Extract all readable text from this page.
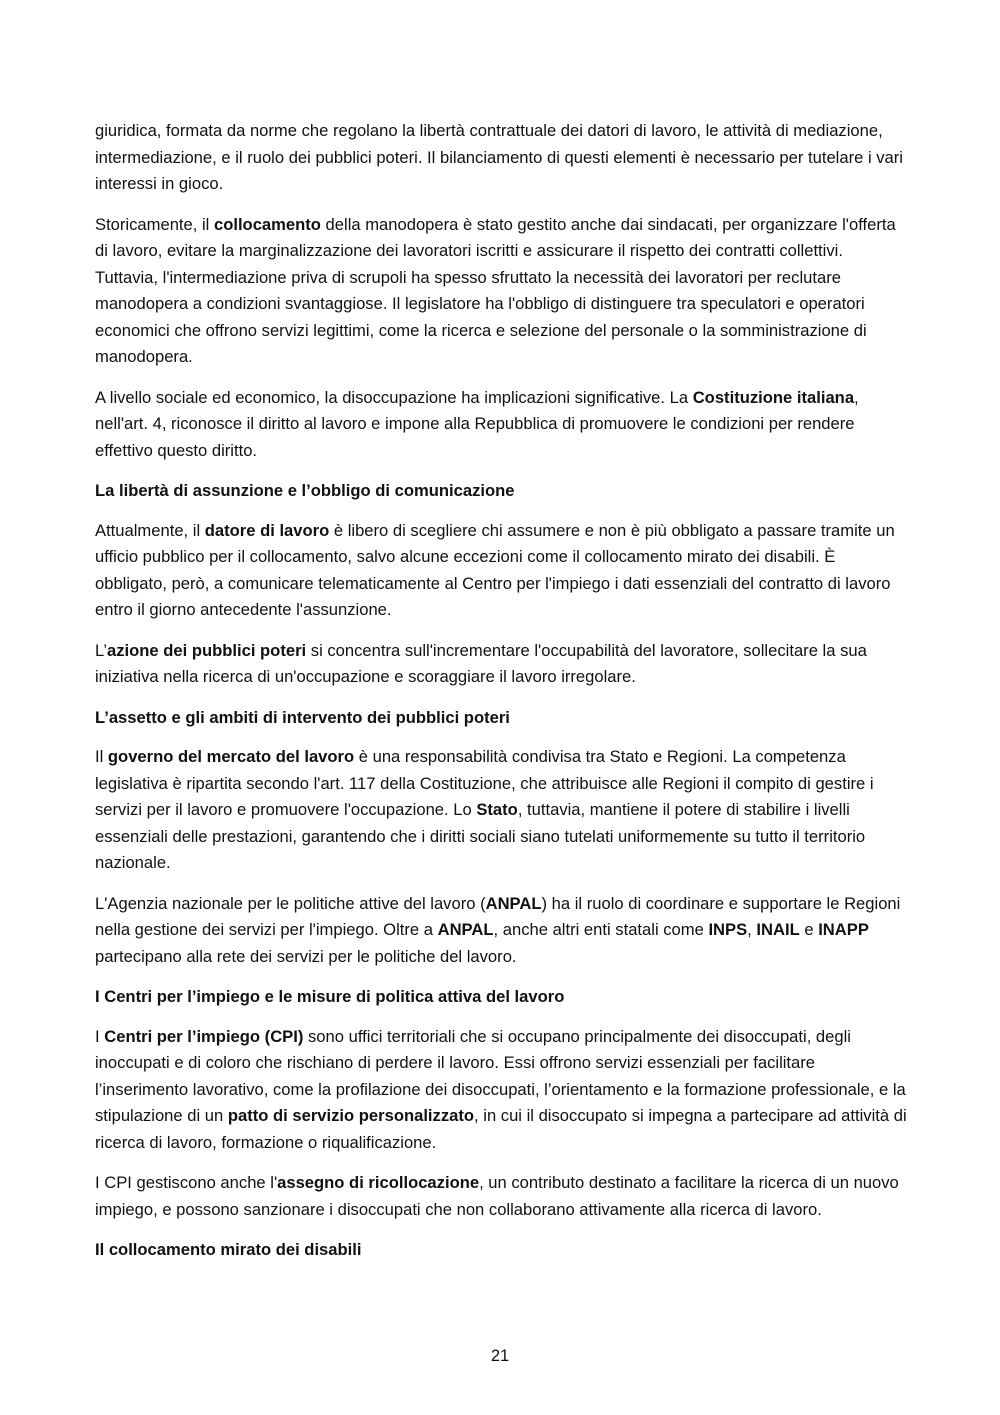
giuridica, formata da norme che regolano la libertà contrattuale dei datori di lavoro, le attività di mediazione, intermediazione, e il ruolo dei pubblici poteri. Il bilanciamento di questi elementi è necessario per tutelare i vari interessi in gioco.

Storicamente, il collocamento della manodopera è stato gestito anche dai sindacati, per organizzare l'offerta di lavoro, evitare la marginalizzazione dei lavoratori iscritti e assicurare il rispetto dei contratti collettivi. Tuttavia, l'intermediazione priva di scrupoli ha spesso sfruttato la necessità dei lavoratori per reclutare manodopera a condizioni svantaggiose. Il legislatore ha l'obbligo di distinguere tra speculatori e operatori economici che offrono servizi legittimi, come la ricerca e selezione del personale o la somministrazione di manodopera.

A livello sociale ed economico, la disoccupazione ha implicazioni significative. La Costituzione italiana, nell'art. 4, riconosce il diritto al lavoro e impone alla Repubblica di promuovere le condizioni per rendere effettivo questo diritto.

La libertà di assunzione e l’obbligo di comunicazione

Attualmente, il datore di lavoro è libero di scegliere chi assumere e non è più obbligato a passare tramite un ufficio pubblico per il collocamento, salvo alcune eccezioni come il collocamento mirato dei disabili. È obbligato, però, a comunicare telematicamente al Centro per l'impiego i dati essenziali del contratto di lavoro entro il giorno antecedente l'assunzione.

L’azione dei pubblici poteri si concentra sull'incrementare l'occupabilità del lavoratore, sollecitare la sua iniziativa nella ricerca di un'occupazione e scoraggiare il lavoro irregolare.

L’assetto e gli ambiti di intervento dei pubblici poteri

Il governo del mercato del lavoro è una responsabilità condivisa tra Stato e Regioni. La competenza legislativa è ripartita secondo l'art. 117 della Costituzione, che attribuisce alle Regioni il compito di gestire i servizi per il lavoro e promuovere l'occupazione. Lo Stato, tuttavia, mantiene il potere di stabilire i livelli essenziali delle prestazioni, garantendo che i diritti sociali siano tutelati uniformemente su tutto il territorio nazionale.

L'Agenzia nazionale per le politiche attive del lavoro (ANPAL) ha il ruolo di coordinare e supportare le Regioni nella gestione dei servizi per l'impiego. Oltre a ANPAL, anche altri enti statali come INPS, INAIL e INAPP partecipano alla rete dei servizi per le politiche del lavoro.

I Centri per l’impiego e le misure di politica attiva del lavoro

I Centri per l’impiego (CPI) sono uffici territoriali che si occupano principalmente dei disoccupati, degli inoccupati e di coloro che rischiano di perdere il lavoro. Essi offrono servizi essenziali per facilitare l’inserimento lavorativo, come la profilazione dei disoccupati, l’orientamento e la formazione professionale, e la stipulazione di un patto di servizio personalizzato, in cui il disoccupato si impegna a partecipare ad attività di ricerca di lavoro, formazione o riqualificazione.

I CPI gestiscono anche l'assegno di ricollocazione, un contributo destinato a facilitare la ricerca di un nuovo impiego, e possono sanzionare i disoccupati che non collaborano attivamente alla ricerca di lavoro.

Il collocamento mirato dei disabili

21
